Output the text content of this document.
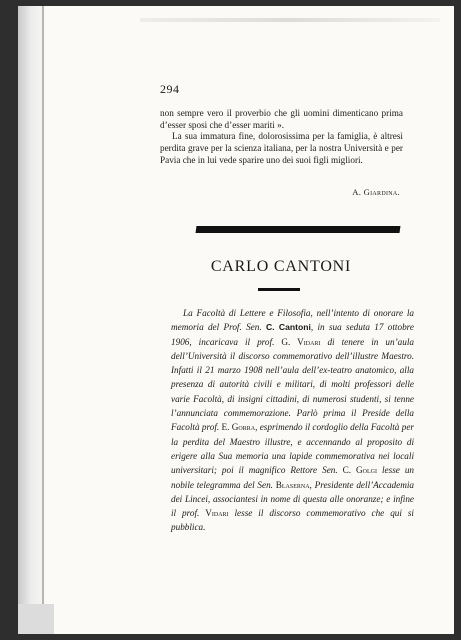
294

non sempre vero il proverbio che gli uomini dimenticano prima d’esser sposi che d’esser mariti ».

La sua immatura fine, dolorosissima per la famiglia, è altresì perdita grave per la scienza italiana, per la nostra Università e per Pavia che in lui vede sparire uno dei suoi figli migliori.

A. Giardina.
CARLO CANTONI

La Facoltà di Lettere e Filosofia, nell’intento di onorare la memoria del Prof. Sen. C. Cantoni, in sua seduta 17 ottobre 1906, incaricava il prof. G. Vidari di tenere in un’aula dell’Università il discorso commemorativo dell’illustre Maestro. Infatti il 21 marzo 1908 nell’aula dell’ex-teatro anatomico, alla presenza di autorità civili e militari, di molti professori delle varie Facoltà, di insigni cittadini, di numerosi studenti, si tenne l’annunciata commemorazione. Parlò prima il Preside della Facoltà prof. E. Gorra, esprimendo il cordoglio della Facoltà per la perdita del Maestro illustre, e accennando al proposito di erigere alla Sua memoria una lapide commemorativa nei locali universitari; poi il magnifico Rettore Sen. C. Golgi lesse un nobile telegramma del Sen. Blaserna, Presidente dell’Accademia dei Lincei, associantesi in nome di questa alle onoranze; e infine il prof. Vidari lesse il discorso commemorativo che qui si pubblica.
